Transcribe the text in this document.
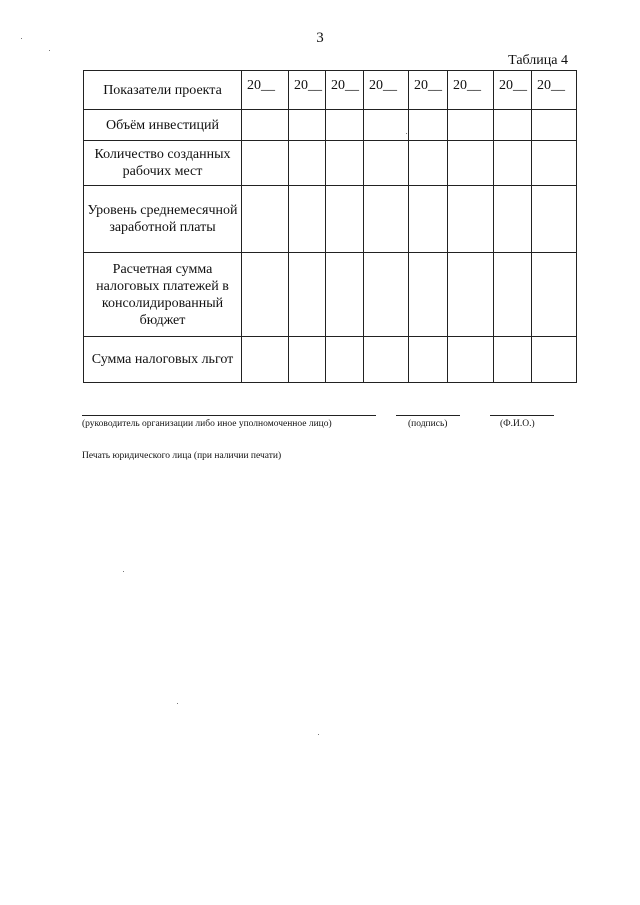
3
Таблица 4
Показатели проекта	20__	20__	20__	20__	20__	20__	20__	20__
Объём инвестиций								
Количество созданных рабочих мест								
Уровень среднемесячной заработной платы								
Расчетная сумма налоговых платежей в консолидированный бюджет								
Сумма налоговых льгот								
(руководитель организации либо иное уполномоченное лицо)	(подпись)	(Ф.И.О.)
Печать юридического лица (при наличии печати)
